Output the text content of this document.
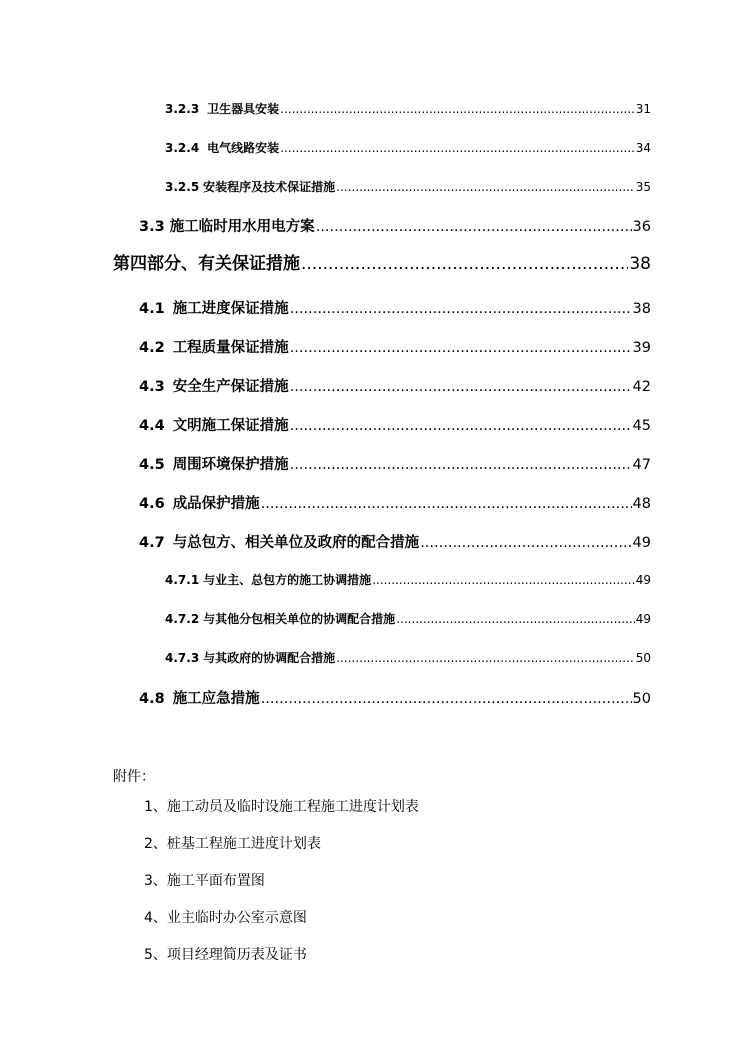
3.2.3 卫生器具安装 .....	31
3.2.4 电气线路安装 .....	34
3.2.5 安装程序及技术保证措施 .....	35
3.3 施工临时用水用电方案 .....	36
第四部分、有关保证措施 .....	38
4.1 施工进度保证措施 .....	38
4.2 工程质量保证措施 .....	39
4.3 安全生产保证措施 .....	42
4.4 文明施工保证措施 .....	45
4.5 周围环境保护措施 .....	47
4.6 成品保护措施 .....	48
4.7 与总包方、相关单位及政府的配合措施 .....	49
4.7.1 与业主、总包方的施工协调措施 .....	49
4.7.2 与其他分包相关单位的协调配合措施 .....	49
4.7.3 与其政府的协调配合措施 .....	50
4.8 施工应急措施 .....	50
附件：
1、施工动员及临时设施工程施工进度计划表
2、桩基工程施工进度计划表
3、施工平面布置图
4、业主临时办公室示意图
5、项目经理简历表及证书
